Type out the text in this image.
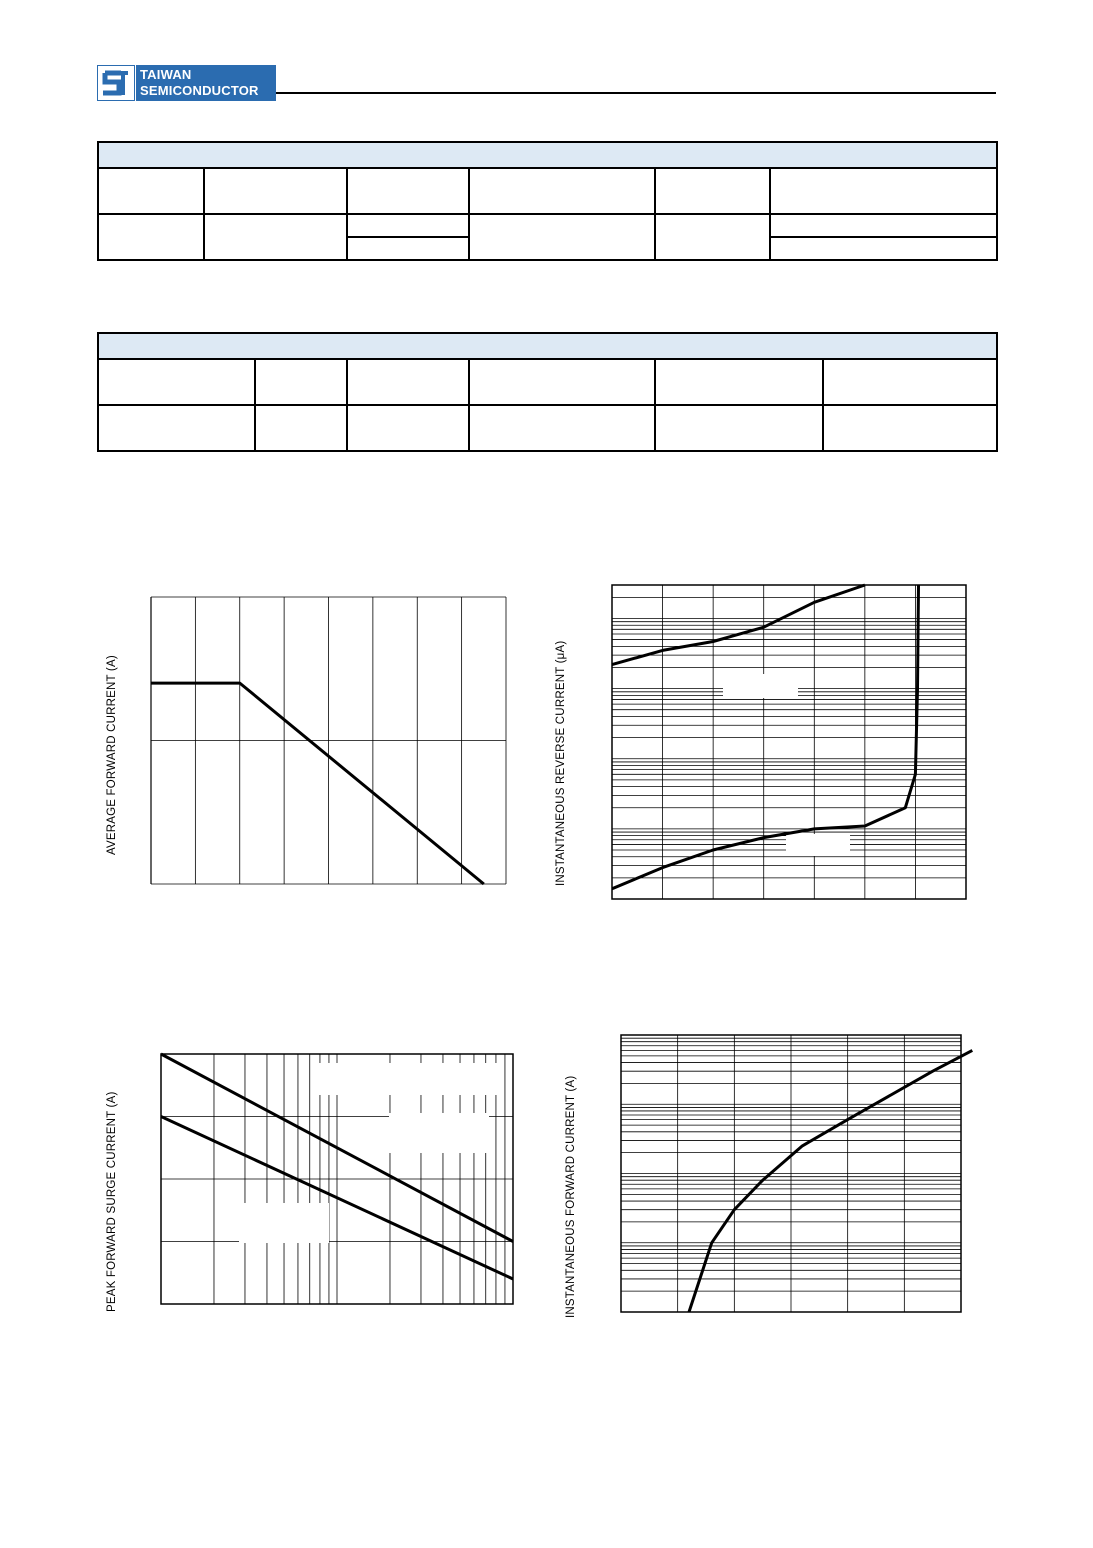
TAIWAN
SEMICONDUCTOR

AVERAGE FORWARD CURRENT (A)	INSTANTANEOUS REVERSE CURRENT (μA)
PEAK FORWARD SURGE CURRENT (A)	INSTANTANEOUS FORWARD CURRENT (A)
